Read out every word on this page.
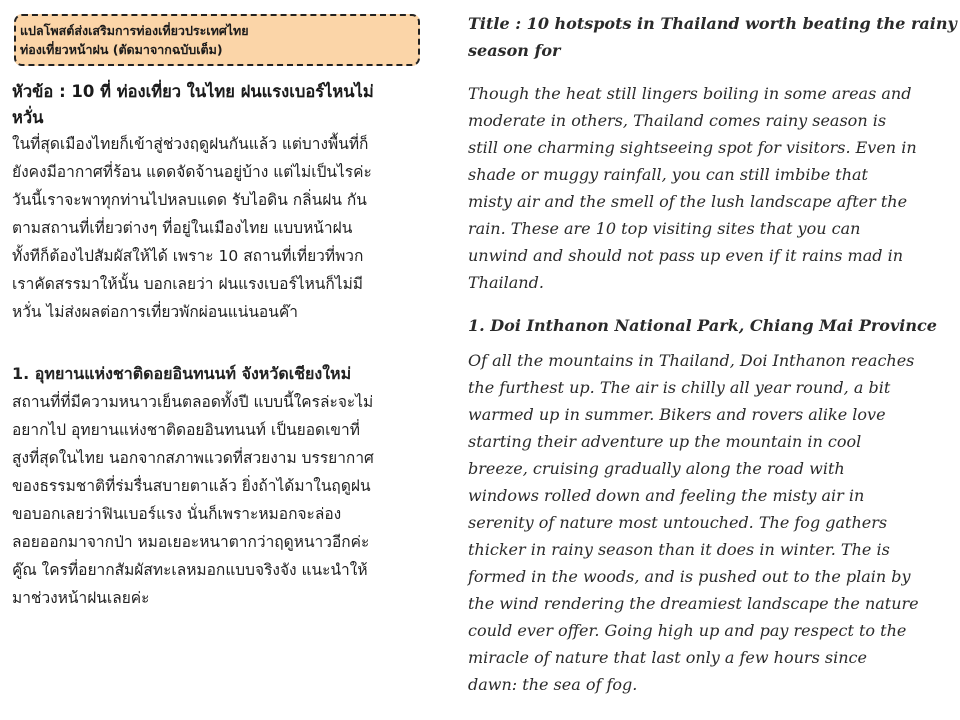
แปลโพสต์ส่งเสริมการท่องเที่ยวประเทศไทย
ท่องเที่ยวหน้าฝน (ตัดมาจากฉบับเต็ม)
หัวข้อ : 10 ที่ ท่องเที่ยว ในไทย ฝนแรงเบอร์ไหนไม่
หวั่น
ในที่สุดเมืองไทยก็เข้าสู่ช่วงฤดูฝนกันแล้ว แต่บางพื้นที่ก็
ยังคงมีอากาศที่ร้อน แดดจัดจ้านอยู่บ้าง แต่ไม่เป็นไรค่ะ
วันนี้เราจะพาทุกท่านไปหลบแดด รับไอดิน กลิ่นฝน กัน
ตามสถานที่เที่ยวต่างๆ ที่อยู่ในเมืองไทย แบบหน้าฝน
ทั้งทีก็ต้องไปสัมผัสให้ได้ เพราะ 10 สถานที่เที่ยวที่พวก
เราคัดสรรมาให้นั้น บอกเลยว่า ฝนแรงเบอร์ไหนก็ไม่มี
หวั่น ไม่ส่งผลต่อการเที่ยวพักผ่อนแน่นอนค๊า
1. อุทยานแห่งชาติดอยอินทนนท์ จังหวัดเชียงใหม่
สถานที่ที่มีความหนาวเย็นตลอดทั้งปี แบบนี้ใครล่ะจะไม่
อยากไป อุทยานแห่งชาติดอยอินทนนท์ เป็นยอดเขาที่
สูงที่สุดในไทย นอกจากสภาพแวดที่สวยงาม บรรยากาศ
ของธรรมชาติที่ร่มรื่นสบายตาแล้ว ยิ่งถ้าได้มาในฤดูฝน
ขอบอกเลยว่าฟินเบอร์แรง นั่นก็เพราะหมอกจะล่อง
ลอยออกมาจากป่า หมอเยอะหนาตากว่าฤดูหนาวอีกค่ะ
คู๊ณ ใครที่อยากสัมผัสทะเลหมอกแบบจริงจัง แนะนำให้
มาช่วงหน้าฝนเลยค่ะ
Title : 10 hotspots in Thailand worth beating the rainy
season for
Though the heat still lingers boiling in some areas and
moderate in others, Thailand comes rainy season is
still one charming sightseeing spot for visitors. Even in
shade or muggy rainfall, you can still imbibe that
misty air and the smell of the lush landscape after the
rain. These are 10 top visiting sites that you can
unwind and should not pass up even if it rains mad in
Thailand.
1. Doi Inthanon National Park, Chiang Mai Province
Of all the mountains in Thailand, Doi Inthanon reaches
the furthest up. The air is chilly all year round, a bit
warmed up in summer. Bikers and rovers alike love
starting their adventure up the mountain in cool
breeze, cruising gradually along the road with
windows rolled down and feeling the misty air in
serenity of nature most untouched. The fog gathers
thicker in rainy season than it does in winter. The is
formed in the woods, and is pushed out to the plain by
the wind rendering the dreamiest landscape the nature
could ever offer. Going high up and pay respect to the
miracle of nature that last only a few hours since
dawn: the sea of fog.
